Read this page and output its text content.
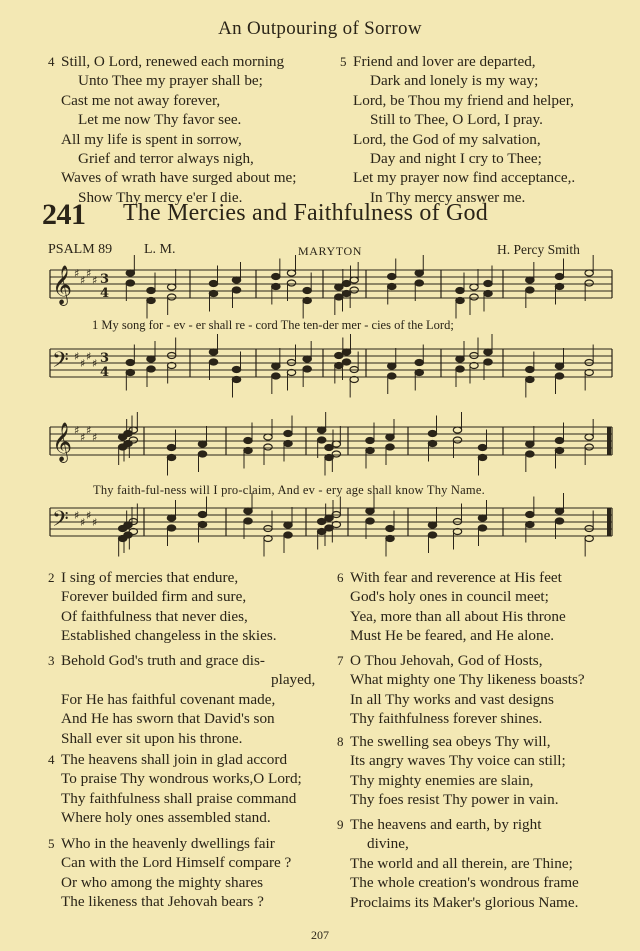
An Outpouring of Sorrow
4 Still, O Lord, renewed each morning
Unto Thee my prayer shall be;
Cast me not away forever,
Let me now Thy favor see.
All my life is spent in sorrow,
Grief and terror always nigh,
Waves of wrath have surged about me;
Show Thy mercy e'er I die.
5 Friend and lover are departed,
Dark and lonely is my way;
Lord, be Thou my friend and helper,
Still to Thee, O Lord, I pray.
Lord, the God of my salvation,
Day and night I cry to Thee;
Let my prayer now find acceptance,.
In Thy mercy answer me.
241 The Mercies and Faithfulness of God
PSALM 89 L. M.	MARYTON	H. Percy Smith
𝄞 ♯
♯
♯
♯ 3
4
𝄢 ♯
♯
♯
♯ 3
4
𝄞 ♯
♯
♯
♯
𝄢 ♯
♯
♯
♯
1 My song for - ev - er shall re - cord The ten-der mer - cies of the Lord;
Thy faith-ful-ness will I pro-claim, And ev - ery age shall know Thy Name.
2 I sing of mercies that endure,
Forever builded firm and sure,
Of faithfulness that never dies,
Established changeless in the skies.
3 Behold God's truth and grace dis-
played,
For He has faithful covenant made,
And He has sworn that David's son
Shall ever sit upon his throne.
4 The heavens shall join in glad accord
To praise Thy wondrous works,O Lord;
Thy faithfulness shall praise command
Where holy ones assembled stand.
5 Who in the heavenly dwellings fair
Can with the Lord Himself compare ?
Or who among the mighty shares
The likeness that Jehovah bears ?
6 With fear and reverence at His feet
God's holy ones in council meet;
Yea, more than all about His throne
Must He be feared, and He alone.
7 O Thou Jehovah, God of Hosts,
What mighty one Thy likeness boasts?
In all Thy works and vast designs
Thy faithfulness forever shines.
8 The swelling sea obeys Thy will,
Its angry waves Thy voice can still;
Thy mighty enemies are slain,
Thy foes resist Thy power in vain.
9 The heavens and earth, by right
divine,
The world and all therein, are Thine;
The whole creation's wondrous frame
Proclaims its Maker's glorious Name.
207
